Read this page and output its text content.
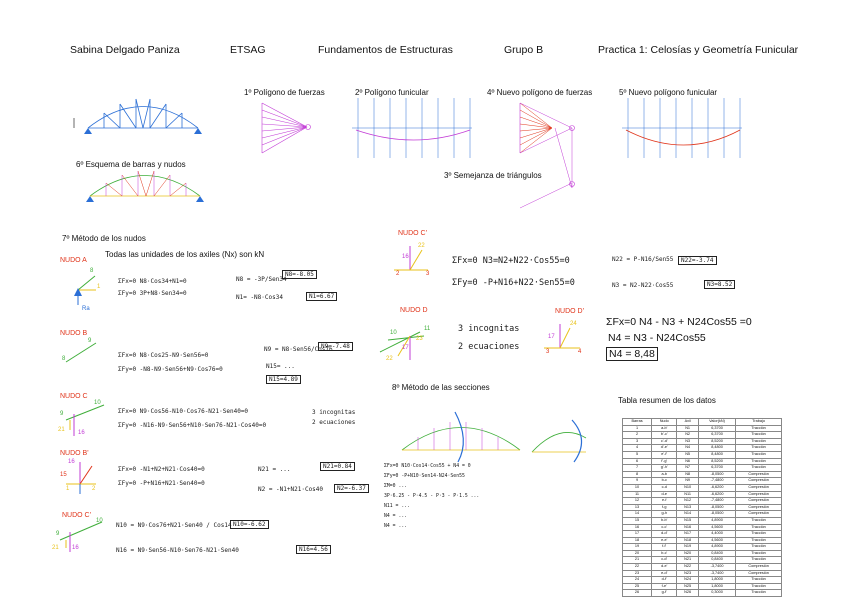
Sabina Delgado Paniza	ETSAG	Fundamentos de Estructuras	Grupo B	Practica 1: Celosías y Geometría Funicular
1º Polígono de fuerzas	2º Polígono funicular
3º Semejanza de triángulos
4º Nuevo polígono de fuerzas	5º Nuevo polígono funicular
6º Esquema de barras y nudos
7º Método de los nudos
8º Método de las secciones
Todas las unidades de los axiles (Nx) son kN
NUDO A
NUDO B
NUDO C
NUDO B'
NUDO C'
NUDO C'
NUDO D	NUDO D'
8
1
Ra
9
8
10
9
21 16
16
15
1	2
10
9
21 16
22
16
2	3
10
11
17
23
22
24
17
3	4
ΣFx=0 N8·Cos34+N1=0
ΣFy=0 3P+N8·Sen34=0
N8 = -3P/Sen34
N8=-8.05
N1= -N8·Cos34	N1=6.67
ΣFx=0 N8·Cos25-N9·Sen56=0
ΣFy=0 -N8-N9·Sen56+N9·Cos76=0
N9 = N8·Sen56/Cos76
N9=-7.48
N15= ...
N15=4.89
ΣFx=0 N9·Cos56-N10·Cos76-N21·Sen40=0
ΣFy=0 -N16-N9·Sen56+N10·Sen76-N21·Cos40=0
3 incognitas
2 ecuaciones
ΣFx=0 -N1+N2+N21·Cos40=0
ΣFy=0 -P+N16+N21·Sen40=0
N21 = ...	N21=0.84
N2 = -N1+N21·Cos40	N2=-6.37
N10 = N9·Cos76+N21·Sen40 / Cos14 N10=-6.62
N16 = N9·Sen56-N10·Sen76-N21·Sen40	N16=4.56
ΣFx=0 N3=N2+N22·Cos55=0
ΣFy=0 -P+N16+N22·Sen55=0
N22 = P-N16/Sen55	N22=-3.74
N3 = N2-N22·Cos55	N3=8.52
3 incognitas
2 ecuaciones
ΣFx=0 N4 - N3 + N24Cos55 =0
N4 = N3 - N24Cos55
N4 = 8,48
ΣFx=0 N10·Cos14·Cos55 + N4 = 0
ΣFy=0 -P+N10·Sen14-N24·Sen55
ΣM=0 ...
3P·6.25 - P·4.5 - P·3 - P·1.5 ...
N11 = ...
N4 = ...
N4 = ...
Tabla resumen de los datos
Barras	Nudo	Axil	Valor(kN)	Trabajo
1	a-b'	N1	6,3700	Tracción
2	b'-c'	N2	6,3700	Tracción
3	c'-d'	N3	8,5200	Tracción
4	d'-e'	N4	8,4800	Tracción
5	e'-f'	N5	8,4800	Tracción
6	f'-g'	N6	8,5200	Tracción
7	g'-h'	N7	6,3700	Tracción
8	a-b	N8	-8,0500	Compresión
9	b-c	N9	-7,4800	Compresión
10	c-d	N10	-6,6200	Compresión
11	d-e	N11	-6,6200	Compresión
12	e-f	N12	-7,4800	Compresión
13	f-g	N13	-8,0500	Compresión
14	g-h	N14	-8,0500	Compresión
15	b-b'	N15	4,8900	Tracción
16	c-c'	N16	4,5600	Tracción
17	d-d'	N17	4,4000	Tracción
18	e-e'	N18	4,5600	Tracción
19	f-f'	N19	4,8900	Tracción
20	b-c'	N20	0,8400	Tracción
21	c-d'	N21	0,8400	Tracción
22	d-e'	N22	-3,7400	Compresión
23	e-d'	N23	-3,7400	Compresión
24	d-f'	N24	1,8000	Tracción
25	f-e'	N25	1,8000	Tracción
26	g-f'	N26	0,3000	Tracción
